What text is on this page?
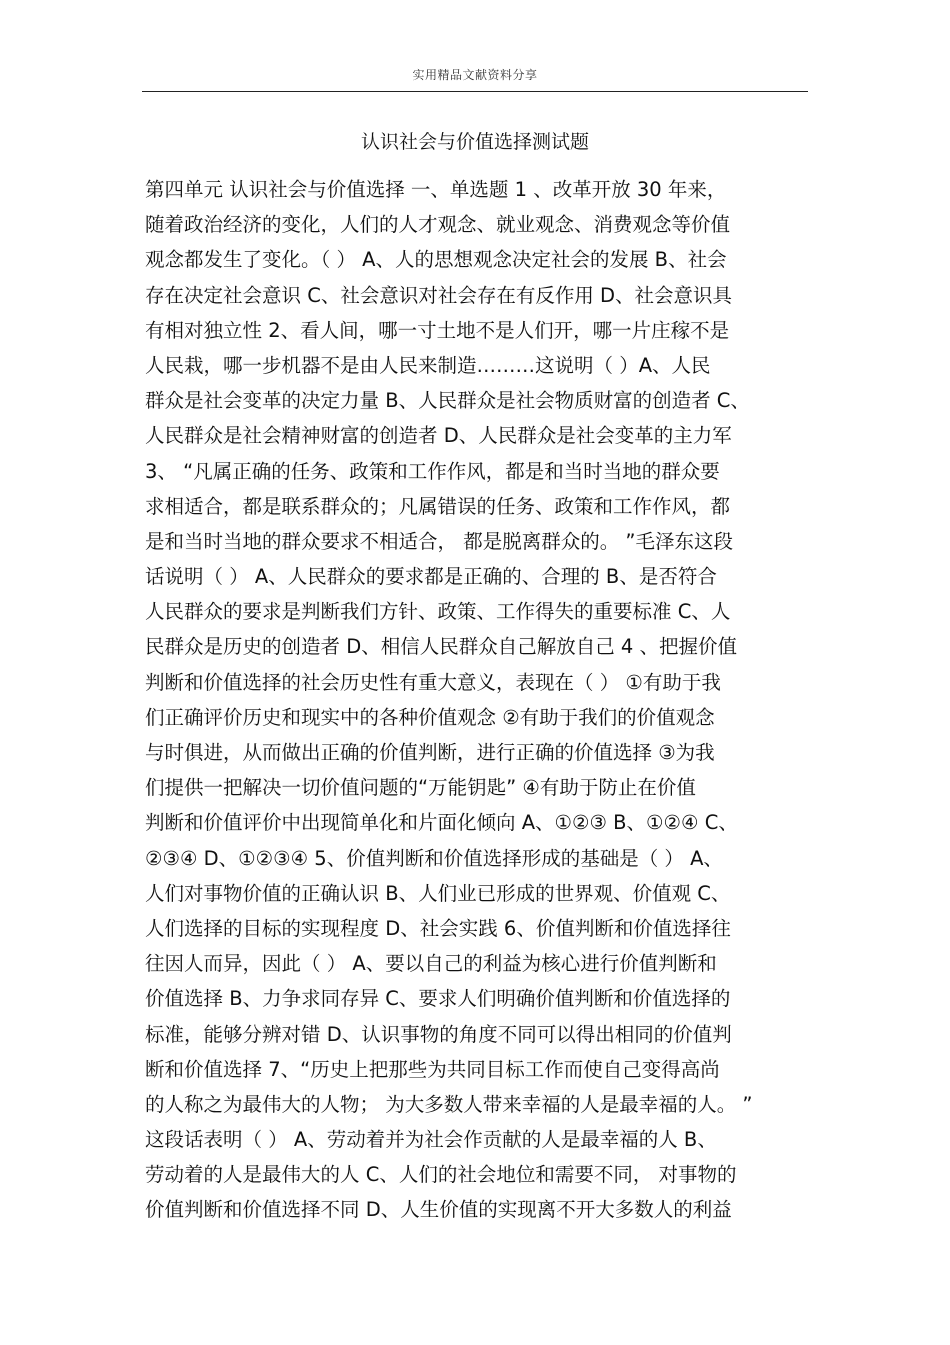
实用精品文献资料分享
认识社会与价值选择测试题
第四单元 认识社会与价值选择 一、单选题 1 、改革开放 30 年来，
随着政治经济的变化，人们的人才观念、就业观念、消费观念等价值
观念都发生了变化。（ ） A、人的思想观念决定社会的发展 B、社会
存在决定社会意识 C、社会意识对社会存在有反作用 D、社会意识具
有相对独立性 2、看人间，哪一寸土地不是人们开，哪一片庄稼不是
人民栽，哪一步机器不是由人民来制造………这说明（ ）A、人民
群众是社会变革的决定力量 B、人民群众是社会物质财富的创造者 C、
人民群众是社会精神财富的创造者 D、人民群众是社会变革的主力军
3、 “凡属正确的任务、政策和工作作风，都是和当时当地的群众要
求相适合，都是联系群众的；凡属错误的任务、政策和工作作风，都
是和当时当地的群众要求不相适合， 都是脱离群众的。 ”毛泽东这段
话说明（ ） A、人民群众的要求都是正确的、合理的 B、是否符合
人民群众的要求是判断我们方针、政策、工作得失的重要标准 C、人
民群众是历史的创造者 D、相信人民群众自己解放自己 4 、把握价值
判断和价值选择的社会历史性有重大意义，表现在（ ） ①有助于我
们正确评价历史和现实中的各种价值观念 ②有助于我们的价值观念
与时俱进，从而做出正确的价值判断，进行正确的价值选择 ③为我
们提供一把解决一切价值问题的“万能钥匙” ④有助于防止在价值
判断和价值评价中出现简单化和片面化倾向 A、①②③ B、①②④ C、
②③④ D、①②③④ 5、价值判断和价值选择形成的基础是（ ） A、
人们对事物价值的正确认识 B、人们业已形成的世界观、价值观 C、
人们选择的目标的实现程度 D、社会实践 6、价值判断和价值选择往
往因人而异，因此（ ） A、要以自己的利益为核心进行价值判断和
价值选择 B、力争求同存异 C、要求人们明确价值判断和价值选择的
标准，能够分辨对错 D、认识事物的角度不同可以得出相同的价值判
断和价值选择 7、“历史上把那些为共同目标工作而使自己变得高尚
的人称之为最伟大的人物； 为大多数人带来幸福的人是最幸福的人。 ”
这段话表明（ ） A、劳动着并为社会作贡献的人是最幸福的人 B、
劳动着的人是最伟大的人 C、人们的社会地位和需要不同， 对事物的
价值判断和价值选择不同 D、人生价值的实现离不开大多数人的利益
